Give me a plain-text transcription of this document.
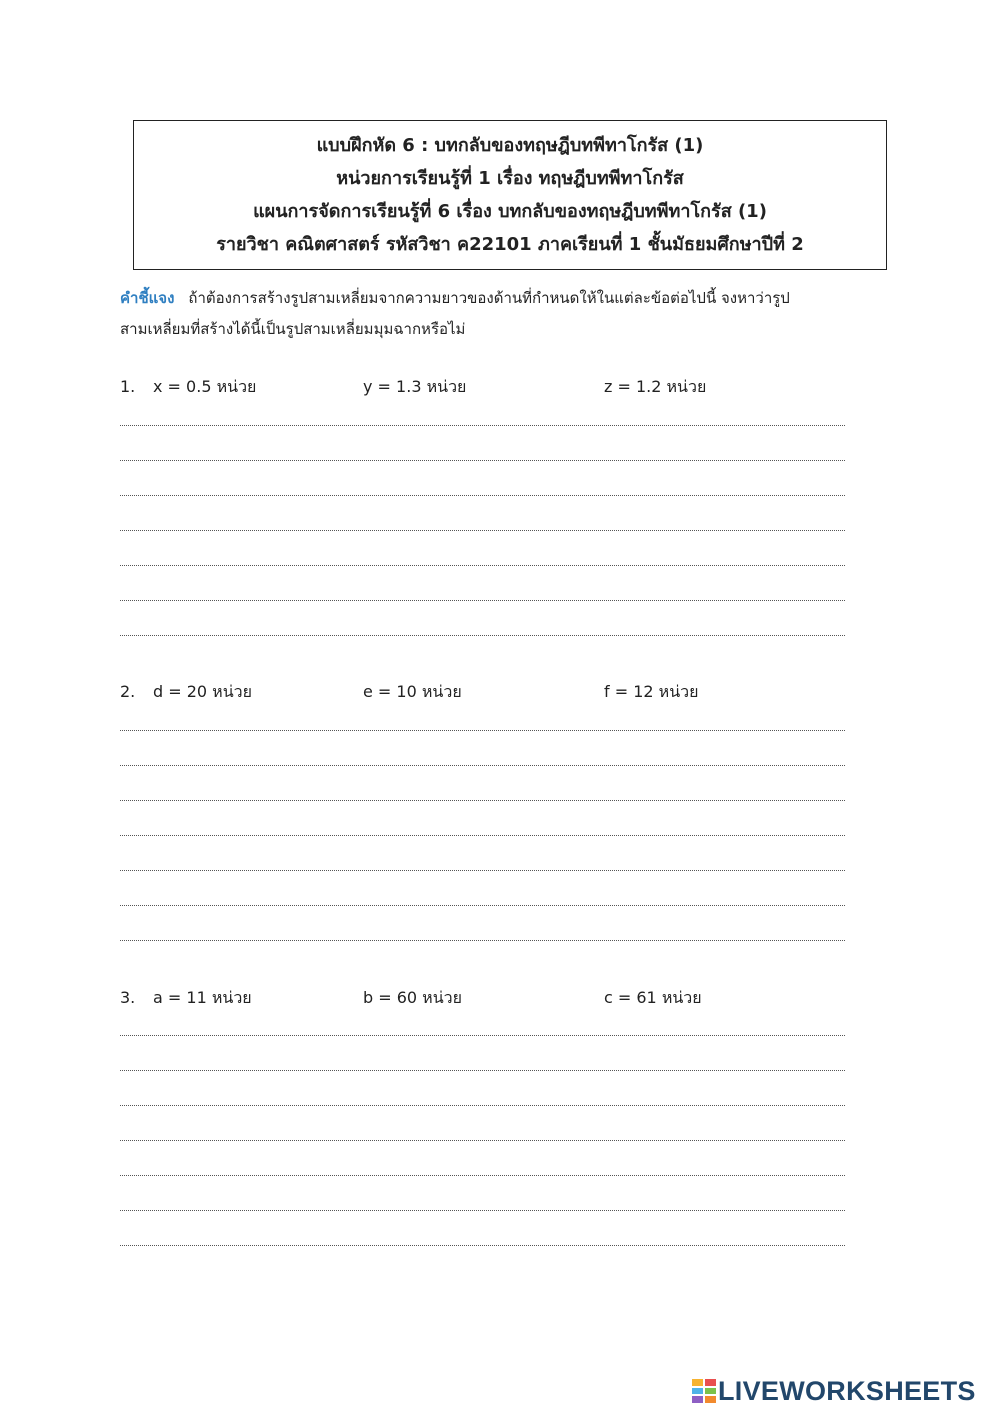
แบบฝึกหัด 6 : บทกลับของทฤษฎีบทพีทาโกรัส (1)
หน่วยการเรียนรู้ที่ 1 เรื่อง ทฤษฎีบทพีทาโกรัส
แผนการจัดการเรียนรู้ที่ 6 เรื่อง บทกลับของทฤษฎีบทพีทาโกรัส (1)
รายวิชา คณิตศาสตร์ รหัสวิชา ค22101 ภาคเรียนที่ 1 ชั้นมัธยมศึกษาปีที่ 2
คำชี้แจง ถ้าต้องการสร้างรูปสามเหลี่ยมจากความยาวของด้านที่กำหนดให้ในแต่ละข้อต่อไปนี้ จงหาว่ารูปสามเหลี่ยมที่สร้างได้นี้เป็นรูปสามเหลี่ยมมุมฉากหรือไม่
1. x = 0.5 หน่วย	y = 1.3 หน่วย	z = 1.2 หน่วย
2. d = 20 หน่วย	e = 10 หน่วย	f = 12 หน่วย
3. a = 11 หน่วย	b = 60 หน่วย	c = 61 หน่วย
LIVEWORKSHEETS
